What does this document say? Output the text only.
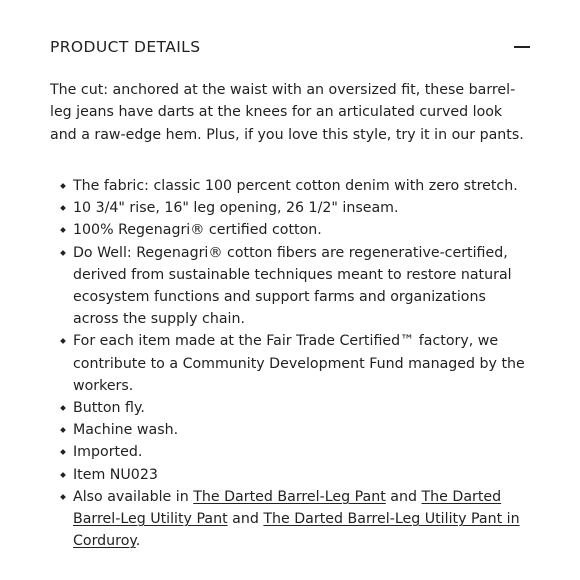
PRODUCT DETAILS

The cut: anchored at the waist with an oversized fit, these barrel-leg jeans have darts at the knees for an articulated curved look and a raw-edge hem. Plus, if you love this style, try it in our pants.

The fabric: classic 100 percent cotton denim with zero stretch.
10 3/4" rise, 16" leg opening, 26 1/2" inseam.
100% Regenagri® certified cotton.
Do Well: Regenagri® cotton fibers are regenerative-certified, derived from sustainable techniques meant to restore natural ecosystem functions and support farms and organizations across the supply chain.
For each item made at the Fair Trade Certified™ factory, we contribute to a Community Development Fund managed by the workers.
Button fly.
Machine wash.
Imported.
Item NU023
Also available in The Darted Barrel-Leg Pant and The Darted Barrel-Leg Utility Pant and The Darted Barrel-Leg Utility Pant in Corduroy.
